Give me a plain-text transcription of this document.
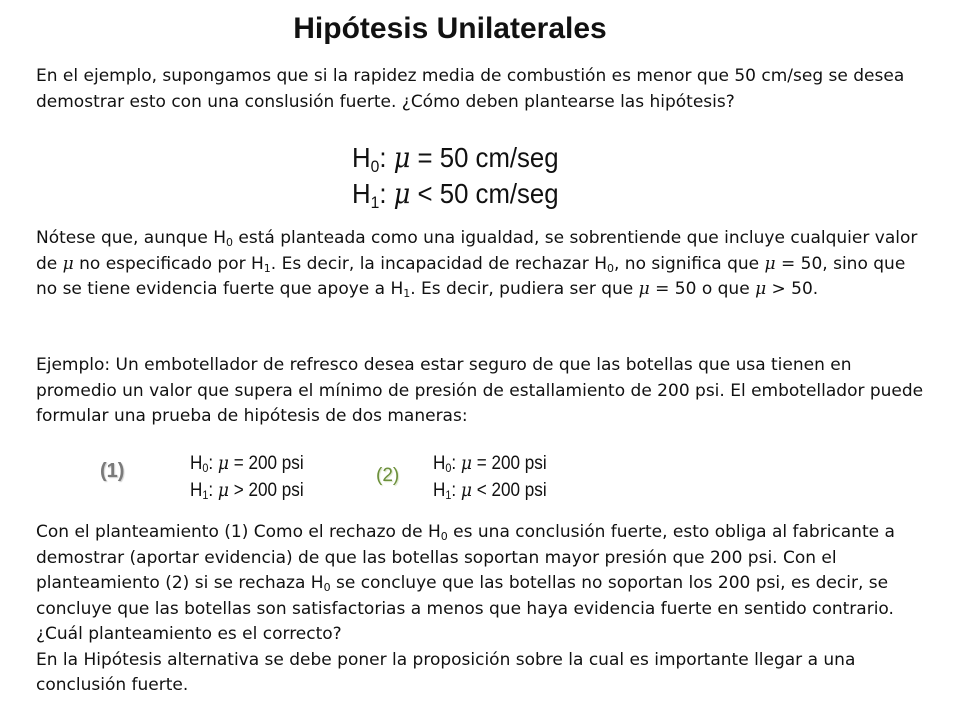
Hipótesis Unilaterales

En el ejemplo, supongamos que si la rapidez media de combustión es menor que 50 cm/seg se desea demostrar esto con una conslusión fuerte. ¿Cómo deben plantearse las hipótesis?

$H_0$: μ = 50 cm/seg
$H_1$: μ < 50 cm/seg

Nótese que, aunque $H_0$ está planteada como una igualdad, se sobrentiende que incluye cualquier valor de μ no especificado por $H_1$. Es decir, la incapacidad de rechazar $H_0$, no significa que μ = 50, sino que no se tiene evidencia fuerte que apoye a $H_1$. Es decir, pudiera ser que μ = 50 o que μ > 50.

Ejemplo: Un embotellador de refresco desea estar seguro de que las botellas que usa tienen en promedio un valor que supera el mínimo de presión de estallamiento de 200 psi. El embotellador puede formular una prueba de hipótesis de dos maneras:

(1)	$H_0$: μ = 200 psi
$H_1$: μ > 200 psi
(2)
$H_0$: μ = 200 psi
$H_1$: μ < 200 psi

Con el planteamiento (1) Como el rechazo de $H_0$ es una conclusión fuerte, esto obliga al fabricante a demostrar (aportar evidencia) de que las botellas soportan mayor presión que 200 psi. Con el planteamiento (2) si se rechaza $H_0$ se concluye que las botellas no soportan los 200 psi, es decir, se concluye que las botellas son satisfactorias a menos que haya evidencia fuerte en sentido contrario. ¿Cuál planteamiento es el correcto?
En la Hipótesis alternativa se debe poner la proposición sobre la cual es importante llegar a una conclusión fuerte.
